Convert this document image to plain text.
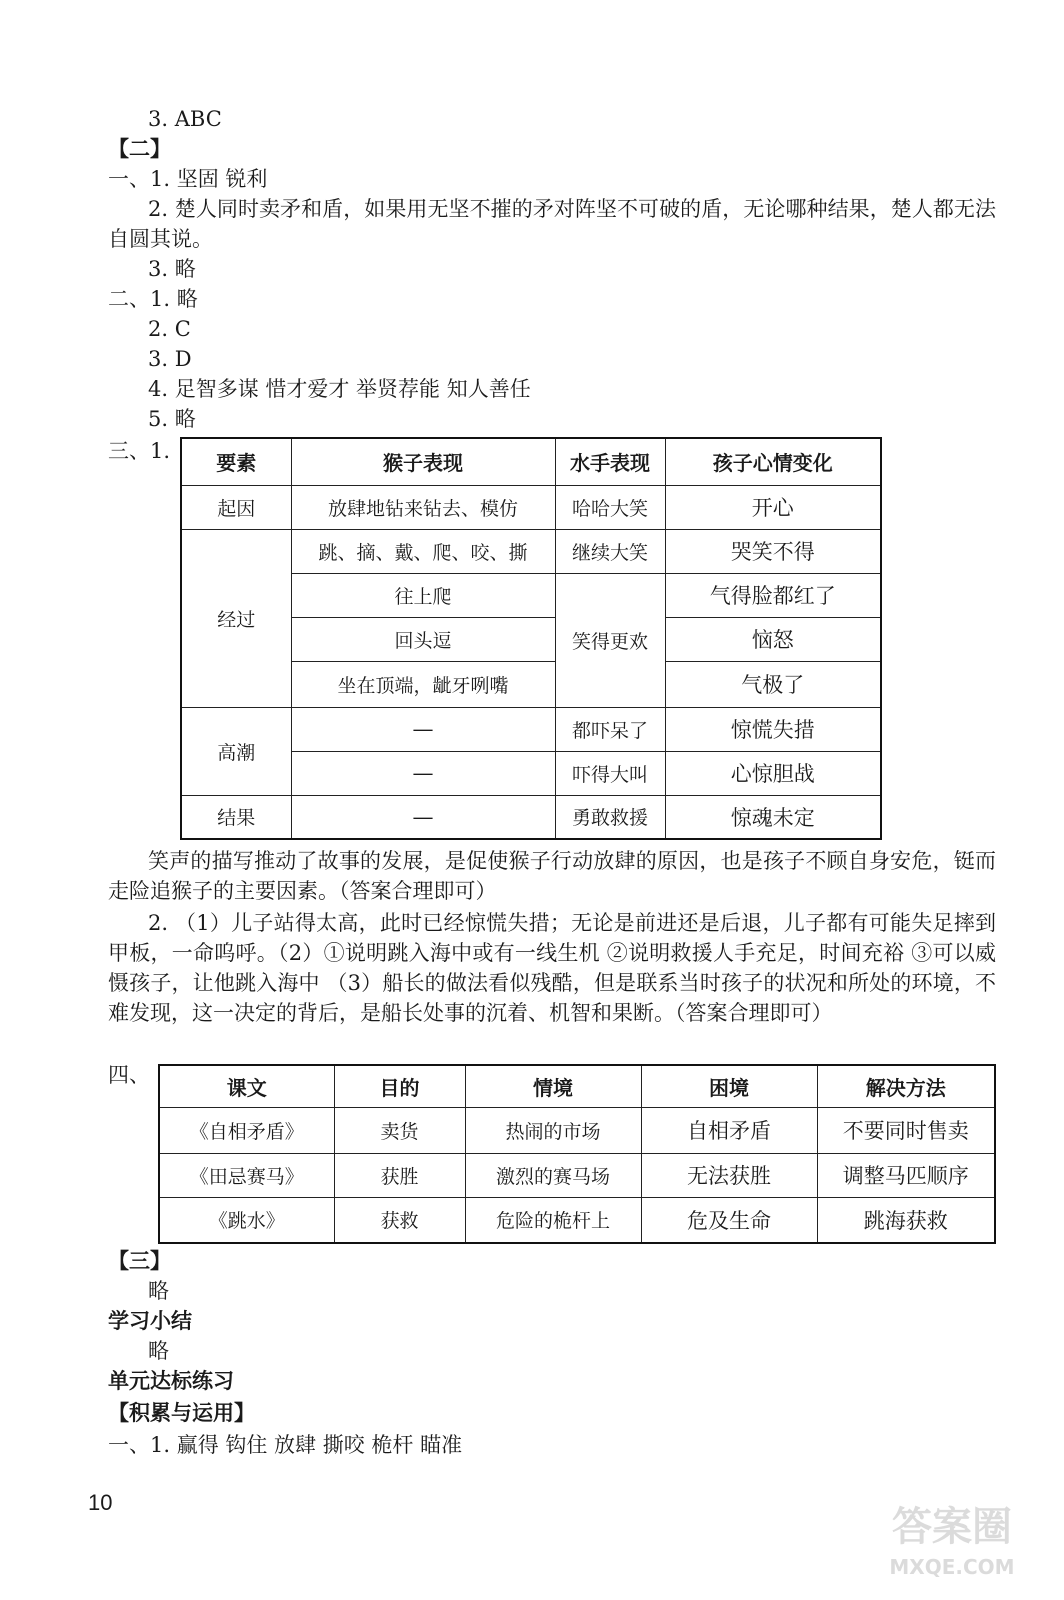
3. ABC
【二】
一、1. 坚固 锐利
2. 楚人同时卖矛和盾，如果用无坚不摧的矛对阵坚不可破的盾，无论哪种结果，楚人都无法自圆其说。
3. 略
二、1. 略
2. C
3. D
4. 足智多谋 惜才爱才 举贤荐能 知人善任
5. 略
三、1.
要素	猴子表现	水手表现	孩子心情变化
起因	放肆地钻来钻去、模仿	哈哈大笑	开心
经过	跳、摘、戴、爬、咬、撕	继续大笑	哭笑不得
	往上爬	笑得更欢	气得脸都红了
	回头逗		恼怒
	坐在顶端，龇牙咧嘴		气极了
高潮	—	都吓呆了	惊慌失措
	—	吓得大叫	心惊胆战
结果	—	勇敢救援	惊魂未定
笑声的描写推动了故事的发展，是促使猴子行动放肆的原因，也是孩子不顾自身安危，铤而走险追猴子的主要因素。（答案合理即可）
2. （1）儿子站得太高，此时已经惊慌失措；无论是前进还是后退，儿子都有可能失足摔到甲板，一命呜呼。（2）①说明跳入海中或有一线生机 ②说明救援人手充足，时间充裕 ③可以威慑孩子，让他跳入海中 （3）船长的做法看似残酷，但是联系当时孩子的状况和所处的环境，不难发现，这一决定的背后，是船长处事的沉着、机智和果断。（答案合理即可）
四、
课文	目的	情境	困境	解决方法
《自相矛盾》	卖货	热闹的市场	自相矛盾	不要同时售卖
《田忌赛马》	获胜	激烈的赛马场	无法获胜	调整马匹顺序
《跳水》	获救	危险的桅杆上	危及生命	跳海获救
【三】
略
学习小结
略
单元达标练习
【积累与运用】
一、1. 赢得 钩住 放肆 撕咬 桅杆 瞄准
10
答案圈
MXQE.COM
